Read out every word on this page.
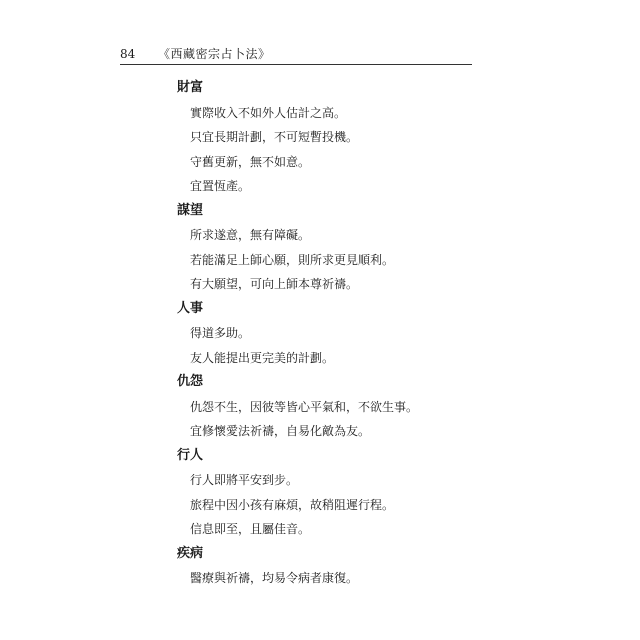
84 《西藏密宗占卜法》
財富
實際收入不如外人估計之高。
只宜長期計劃，不可短暫投機。
守舊更新，無不如意。
宜置恆產。
謀望
所求遂意，無有障礙。
若能滿足上師心願，則所求更見順利。
有大願望，可向上師本尊祈禱。
人事
得道多助。
友人能提出更完美的計劃。
仇怨
仇怨不生，因彼等皆心平氣和，不欲生事。
宜修懷愛法祈禱，自易化敵為友。
行人
行人即將平安到步。
旅程中因小孩有麻煩，故稍阻遲行程。
信息即至，且屬佳音。
疾病
醫療與祈禱，均易令病者康復。
